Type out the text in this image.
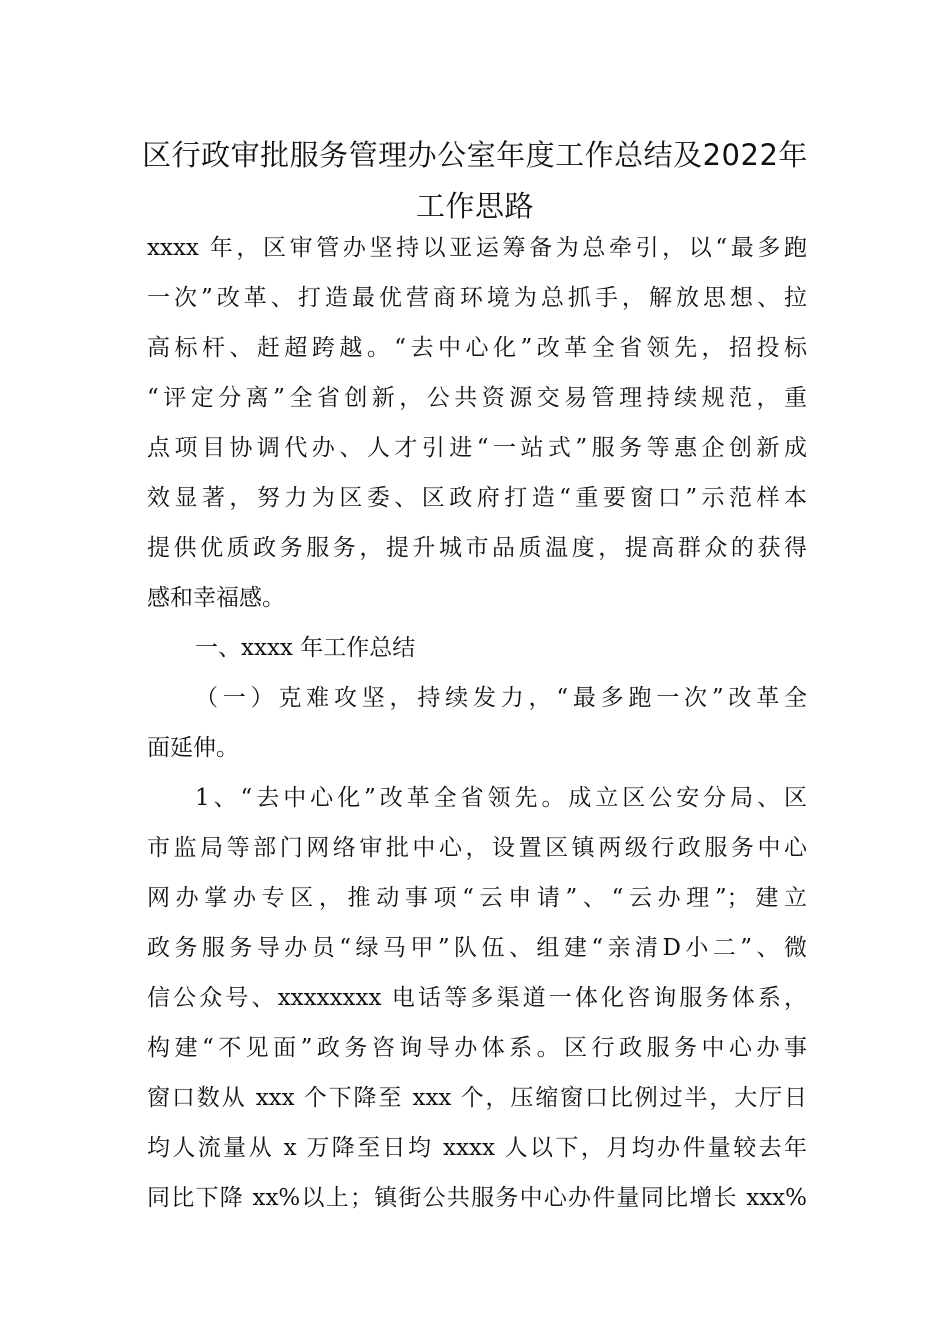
区行政审批服务管理办公室年度工作总结及2022年
工作思路
xxxx 年，区审管办坚持以亚运筹备为总牵引，以“最多跑
一次”改革、打造最优营商环境为总抓手，解放思想、拉
高标杆、赶超跨越。“去中心化”改革全省领先，招投标
“评定分离”全省创新，公共资源交易管理持续规范，重
点项目协调代办、人才引进“一站式”服务等惠企创新成
效显著，努力为区委、区政府打造“重要窗口”示范样本
提供优质政务服务，提升城市品质温度，提高群众的获得
感和幸福感。
一、xxxx 年工作总结
（一）克难攻坚，持续发力，“最多跑一次”改革全
面延伸。
1、“去中心化”改革全省领先。成立区公安分局、区
市监局等部门网络审批中心，设置区镇两级行政服务中心
网办掌办专区，推动事项“云申请”、“云办理”；建立
政务服务导办员“绿马甲”队伍、组建“亲清D小二”、微
信公众号、xxxxxxxx 电话等多渠道一体化咨询服务体系，
构建“不见面”政务咨询导办体系。区行政服务中心办事
窗口数从 xxx 个下降至 xxx 个，压缩窗口比例过半，大厅日
均人流量从 x 万降至日均 xxxx 人以下，月均办件量较去年
同比下降 xx%以上；镇街公共服务中心办件量同比增长 xxx%
